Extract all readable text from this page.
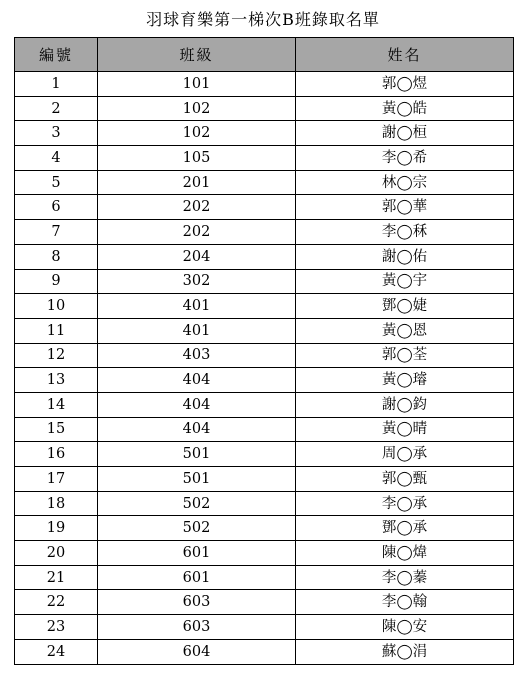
羽球育樂第一梯次B班錄取名單
編號	班級	姓名
1	101	郭◯煜
2	102	黃◯皓
3	102	謝◯桓
4	105	李◯希
5	201	林◯宗
6	202	郭◯華
7	202	李◯秝
8	204	謝◯佑
9	302	黃◯宇
10	401	鄧◯婕
11	401	黃◯恩
12	403	郭◯荃
13	404	黃◯璿
14	404	謝◯鈞
15	404	黃◯晴
16	501	周◯承
17	501	郭◯甄
18	502	李◯承
19	502	鄧◯承
20	601	陳◯煒
21	601	李◯蓁
22	603	李◯翰
23	603	陳◯安
24	604	蘇◯涓
